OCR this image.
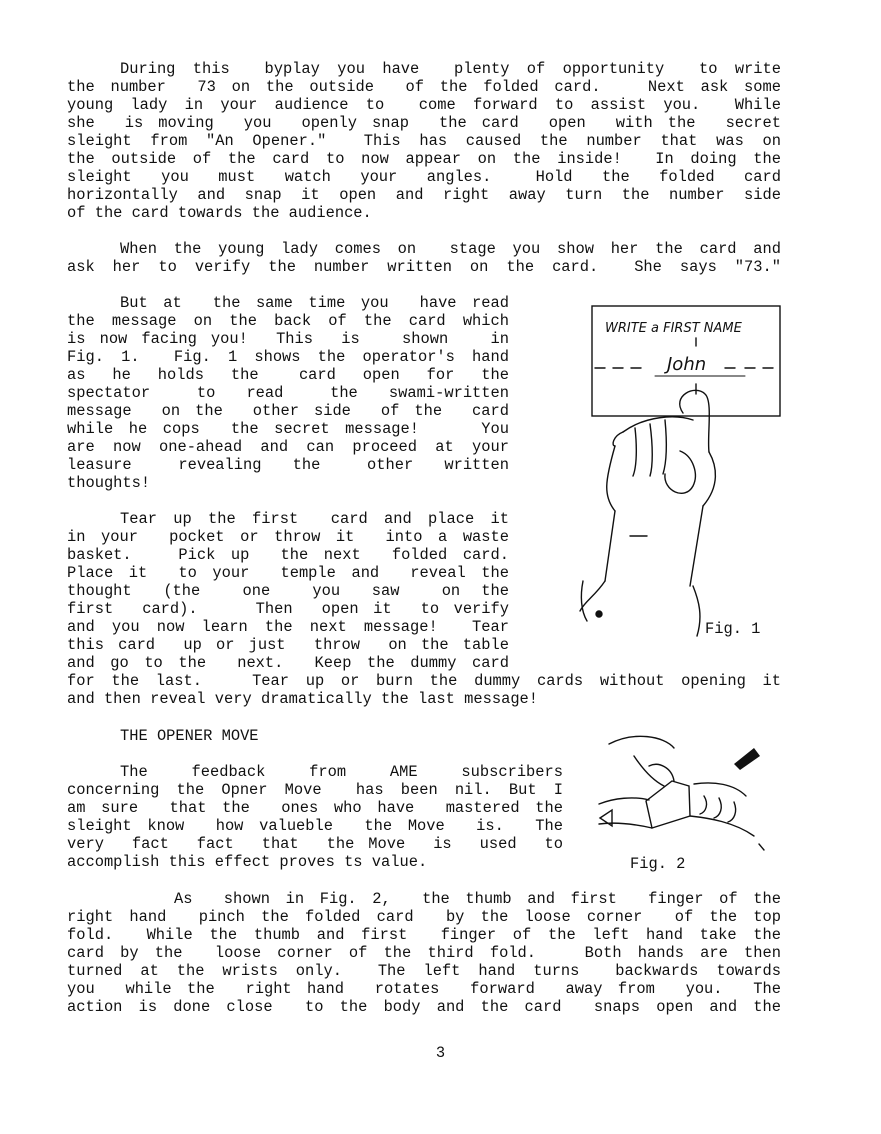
During this  byplay you have  plenty of opportunity  to write
the number  73 on the outside  of the folded card.   Next ask some
young lady in your audience to  come forward to assist you.  While
she  is moving  you  openly snap  the card  open  with the  secret
sleight from "An Opener."  This has caused the number that was on
the outside of the card to now appear on the inside!  In doing the
sleight  you  must  watch  your  angles.   Hold  the  folded  card
horizontally and snap it open and right away turn the number side
of the card towards the audience.
When the young lady comes on  stage you show her the card and
ask her to verify the number written on the card.  She says "73."
But at  the same time you  have read
the message on the back of the card which
is now facing you!  This  is   shown   in
Fig. 1.  Fig. 1 shows the operator's hand
as  he  holds  the   card  open  for  the
spectator   to  read   the  swami-written
message  on the  other side  of the  card
while he cops  the secret message!    You
are now one-ahead and can proceed at your
leasure   revealing  the   other  written
thoughts!
Tear up the first  card and place it
in your  pocket or throw it  into a waste
basket.   Pick up  the next  folded card.
Place it  to your  temple and  reveal the
thought   (the    one    you   saw    on  the
first  card).    Then  open it  to verify
and you now learn the next message!  Tear
this card  up or just  throw  on the table
and go to the  next.  Keep the dummy card
for the last.   Tear up or burn the dummy cards without opening it
and then reveal very dramatically the last message!
THE OPENER MOVE
The   feedback   from   AME   subscribers
concerning the Opner Move  has been nil. But I
am sure  that the  ones who have  mastered the
sleight know  how valueble  the Move  is.  The
very  fact  fact  that  the Move  is  used  to
accomplish this effect proves ts value.
As  shown in Fig. 2,  the thumb and first  finger of the
right hand  pinch the folded card  by the loose corner  of the top
fold.  While the thumb and first  finger of the left hand take the
card by the  loose corner of the third fold.   Both hands are then
turned at the wrists only.  The left hand turns  backwards towards
you  while the  right hand  rotates  forward  away from  you.  The
action is done close  to the body and the card  snaps open and the
WRITE a FIRST NAME
John
Fig. 1
Fig. 2
3
